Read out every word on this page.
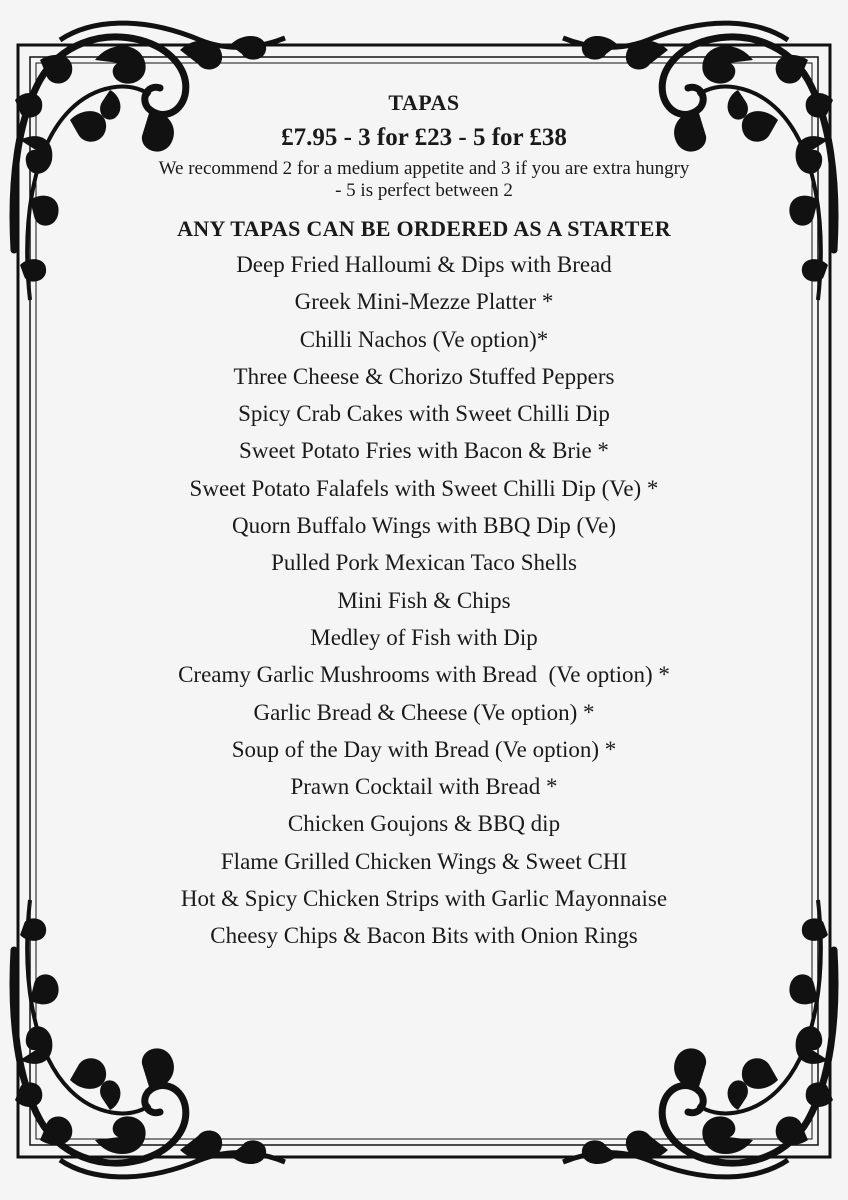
TAPAS
£7.95 - 3 for £23 - 5 for £38
We recommend 2 for a medium appetite and 3 if you are extra hungry
- 5 is perfect between 2
ANY TAPAS CAN BE ORDERED AS A STARTER
Deep Fried Halloumi & Dips with Bread
Greek Mini-Mezze Platter *
Chilli Nachos (Ve option)*
Three Cheese & Chorizo Stuffed Peppers
Spicy Crab Cakes with Sweet Chilli Dip
Sweet Potato Fries with Bacon & Brie *
Sweet Potato Falafels with Sweet Chilli Dip (Ve) *
Quorn Buffalo Wings with BBQ Dip (Ve)
Pulled Pork Mexican Taco Shells
Mini Fish & Chips
Medley of Fish with Dip
Creamy Garlic Mushrooms with Bread  (Ve option) *
Garlic Bread & Cheese (Ve option) *
Soup of the Day with Bread (Ve option) *
Prawn Cocktail with Bread *
Chicken Goujons & BBQ dip
Flame Grilled Chicken Wings & Sweet CHI
Hot & Spicy Chicken Strips with Garlic Mayonnaise
Cheesy Chips & Bacon Bits with Onion Rings
